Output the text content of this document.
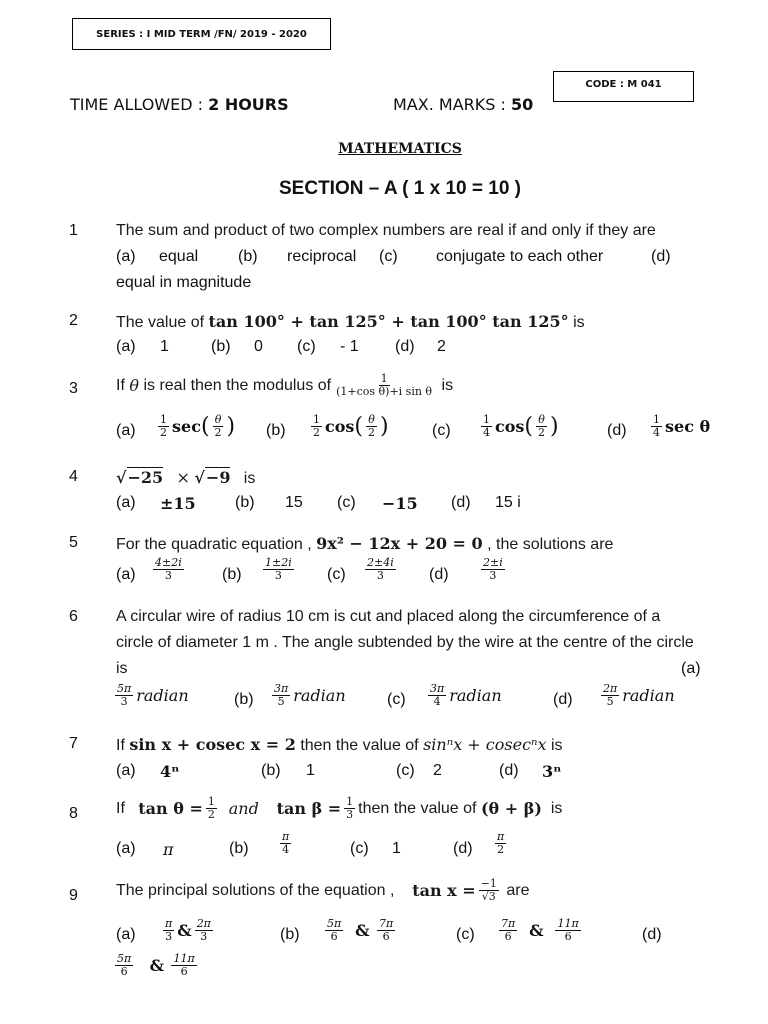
SERIES : I MID TERM /FN/ 2019 - 2020
CODE : M 041
TIME ALLOWED : 2 HOURS	MAX. MARKS : 50
MATHEMATICS
SECTION – A ( 1 x 10 = 10 )
1 The sum and product of two complex numbers are real if and only if they are
(a) equal (b) reciprocal (c) conjugate to each other	(d)
equal in magnitude
2 The value of tan 100° + tan 125° + tan 100° tan 125° is
(a) 1	(b) 0 (c) - 1 (d) 2
3 If
θ
is real then the modulus of $\frac{1}{\text{(1+cos θ)+i sin θ}}$
is
$(a) \frac{1}{2}$ sec ( $\frac{\theta}{2}$ ) $(b) \frac{1}{2}$ cos ( $\frac{\theta}{2}$ )	(c)	$\frac{1}{4}$ cos ( $\frac{\theta}{2}$ )	$(d) \frac{1}{4}$ sec θ
4 √−25 × √−9 is
(a) ±15 (b) 15 (c) −15 (d) 15 i
5 For the quadratic equation , 9x² − 12x + 20 = 0 , the solutions are
$(a) \frac{4\pm 2i}{3} (b) \frac{1\pm 2i}{3} (c) \frac{2\pm 4i}{3} (d)$	$\frac{2\pm i}{3}$
6 A circular wire of radius 10 cm is cut and placed along the circumference of a
circle of diameter 1 m . The angle subtended by the wire at the centre of the circle
is	(a)
$\frac{5\pi}{3}$ radian	$(b) \frac{3\pi}{5}$ radian	$(c) \frac{3\pi}{4}$ radian	(d)	$\frac{2\pi}{5}$ radian
7 If sin x + cosec x = 2 then the value of sinⁿx + cosecⁿx is
(a) 4ⁿ	(b) 1	(c) 2	(d) 3ⁿ
8 If
$\tan \theta = \frac{1}{2}$
and
$\tan \beta = \frac{1}{3}$ then the value of
(θ + β)
is
(a) π	(b)	$\frac{\pi}{4}$	(c) 1	$(d) \frac{\pi}{2}$
9 The principal solutions of the equation ,
$\tan x = \frac{-1}{√3}$
are
$(a) \frac{\pi}{3}$ & $\frac{2\pi}{3}$	$(b) \frac{5\pi}{6}$
&
$\frac{7\pi}{6}$	$(c) \frac{7\pi}{6}$
&
$\frac{11\pi}{6}$	(d)
$\frac{5\pi}{6}$
&
$\frac{11\pi}{6}$
